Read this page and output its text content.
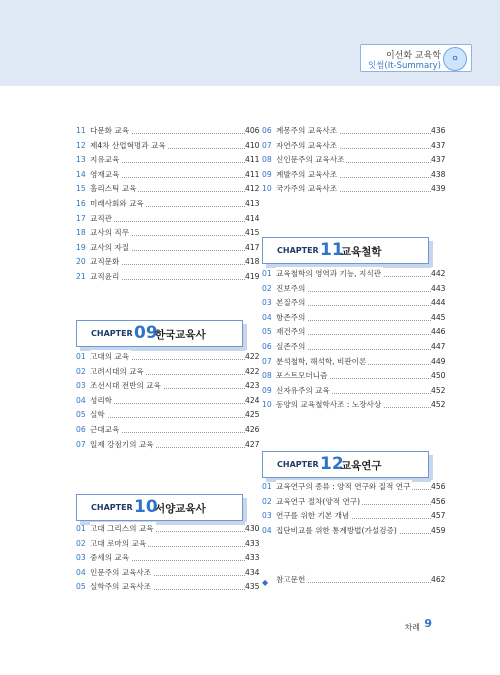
이선화 교육학
잇썸(It-Summary)
ㅇ
11 다문화 교육	406
12 제4차 산업혁명과 교육	410
13 지유교육	411
14 영재교육	411
15 홀리스틱 교육	412
16 미래사회와 교육	413
17 교직관	414
18 교사의 직무	415
19 교사의 자질	417
20 교직문화	418
21 교직윤리	419
CHAPTER 09
한국교육사
01 고대의 교육	422
02 고려시대의 교육	422
03 조선시대 전반의 교육	423
04 성리학	424
05 실학	425
06 근대교육	426
07 일제 강점기의 교육	427
CHAPTER 10
서양교육사
01 고대 그리스의 교육	430
02 고대 로마의 교육	433
03 중세의 교육	433
04 인문주의 교육사조	434
05 실학주의 교육사조	435
06 계몽주의 교육사조	436
07 자연주의 교육사조	437
08 신인문주의 교육사조	437
09 계발주의 교육사조	438
10 국가주의 교육사조	439
CHAPTER 11
교육철학
01 교육철학의 영역과 기능, 지식관	442
02 진보주의	443
03 본질주의	444
04 항존주의	445
05 재건주의	446
06 실존주의	447
07 분석철학, 해석학, 비판이론	449
08 포스트모더니즘	450
09 신자유주의 교육	452
10 동양의 교육철학사조 : 노장사상	452
CHAPTER 12
교육연구
01 교육연구의 종류 : 양적 연구와 질적 연구	456
02 교육연구 절차(양적 연구)	456
03 연구를 위한 기본 개념	457
04 집단비교를 위한 통계방법(가설검증)	459
◆	참고문헌	462
차례 9
